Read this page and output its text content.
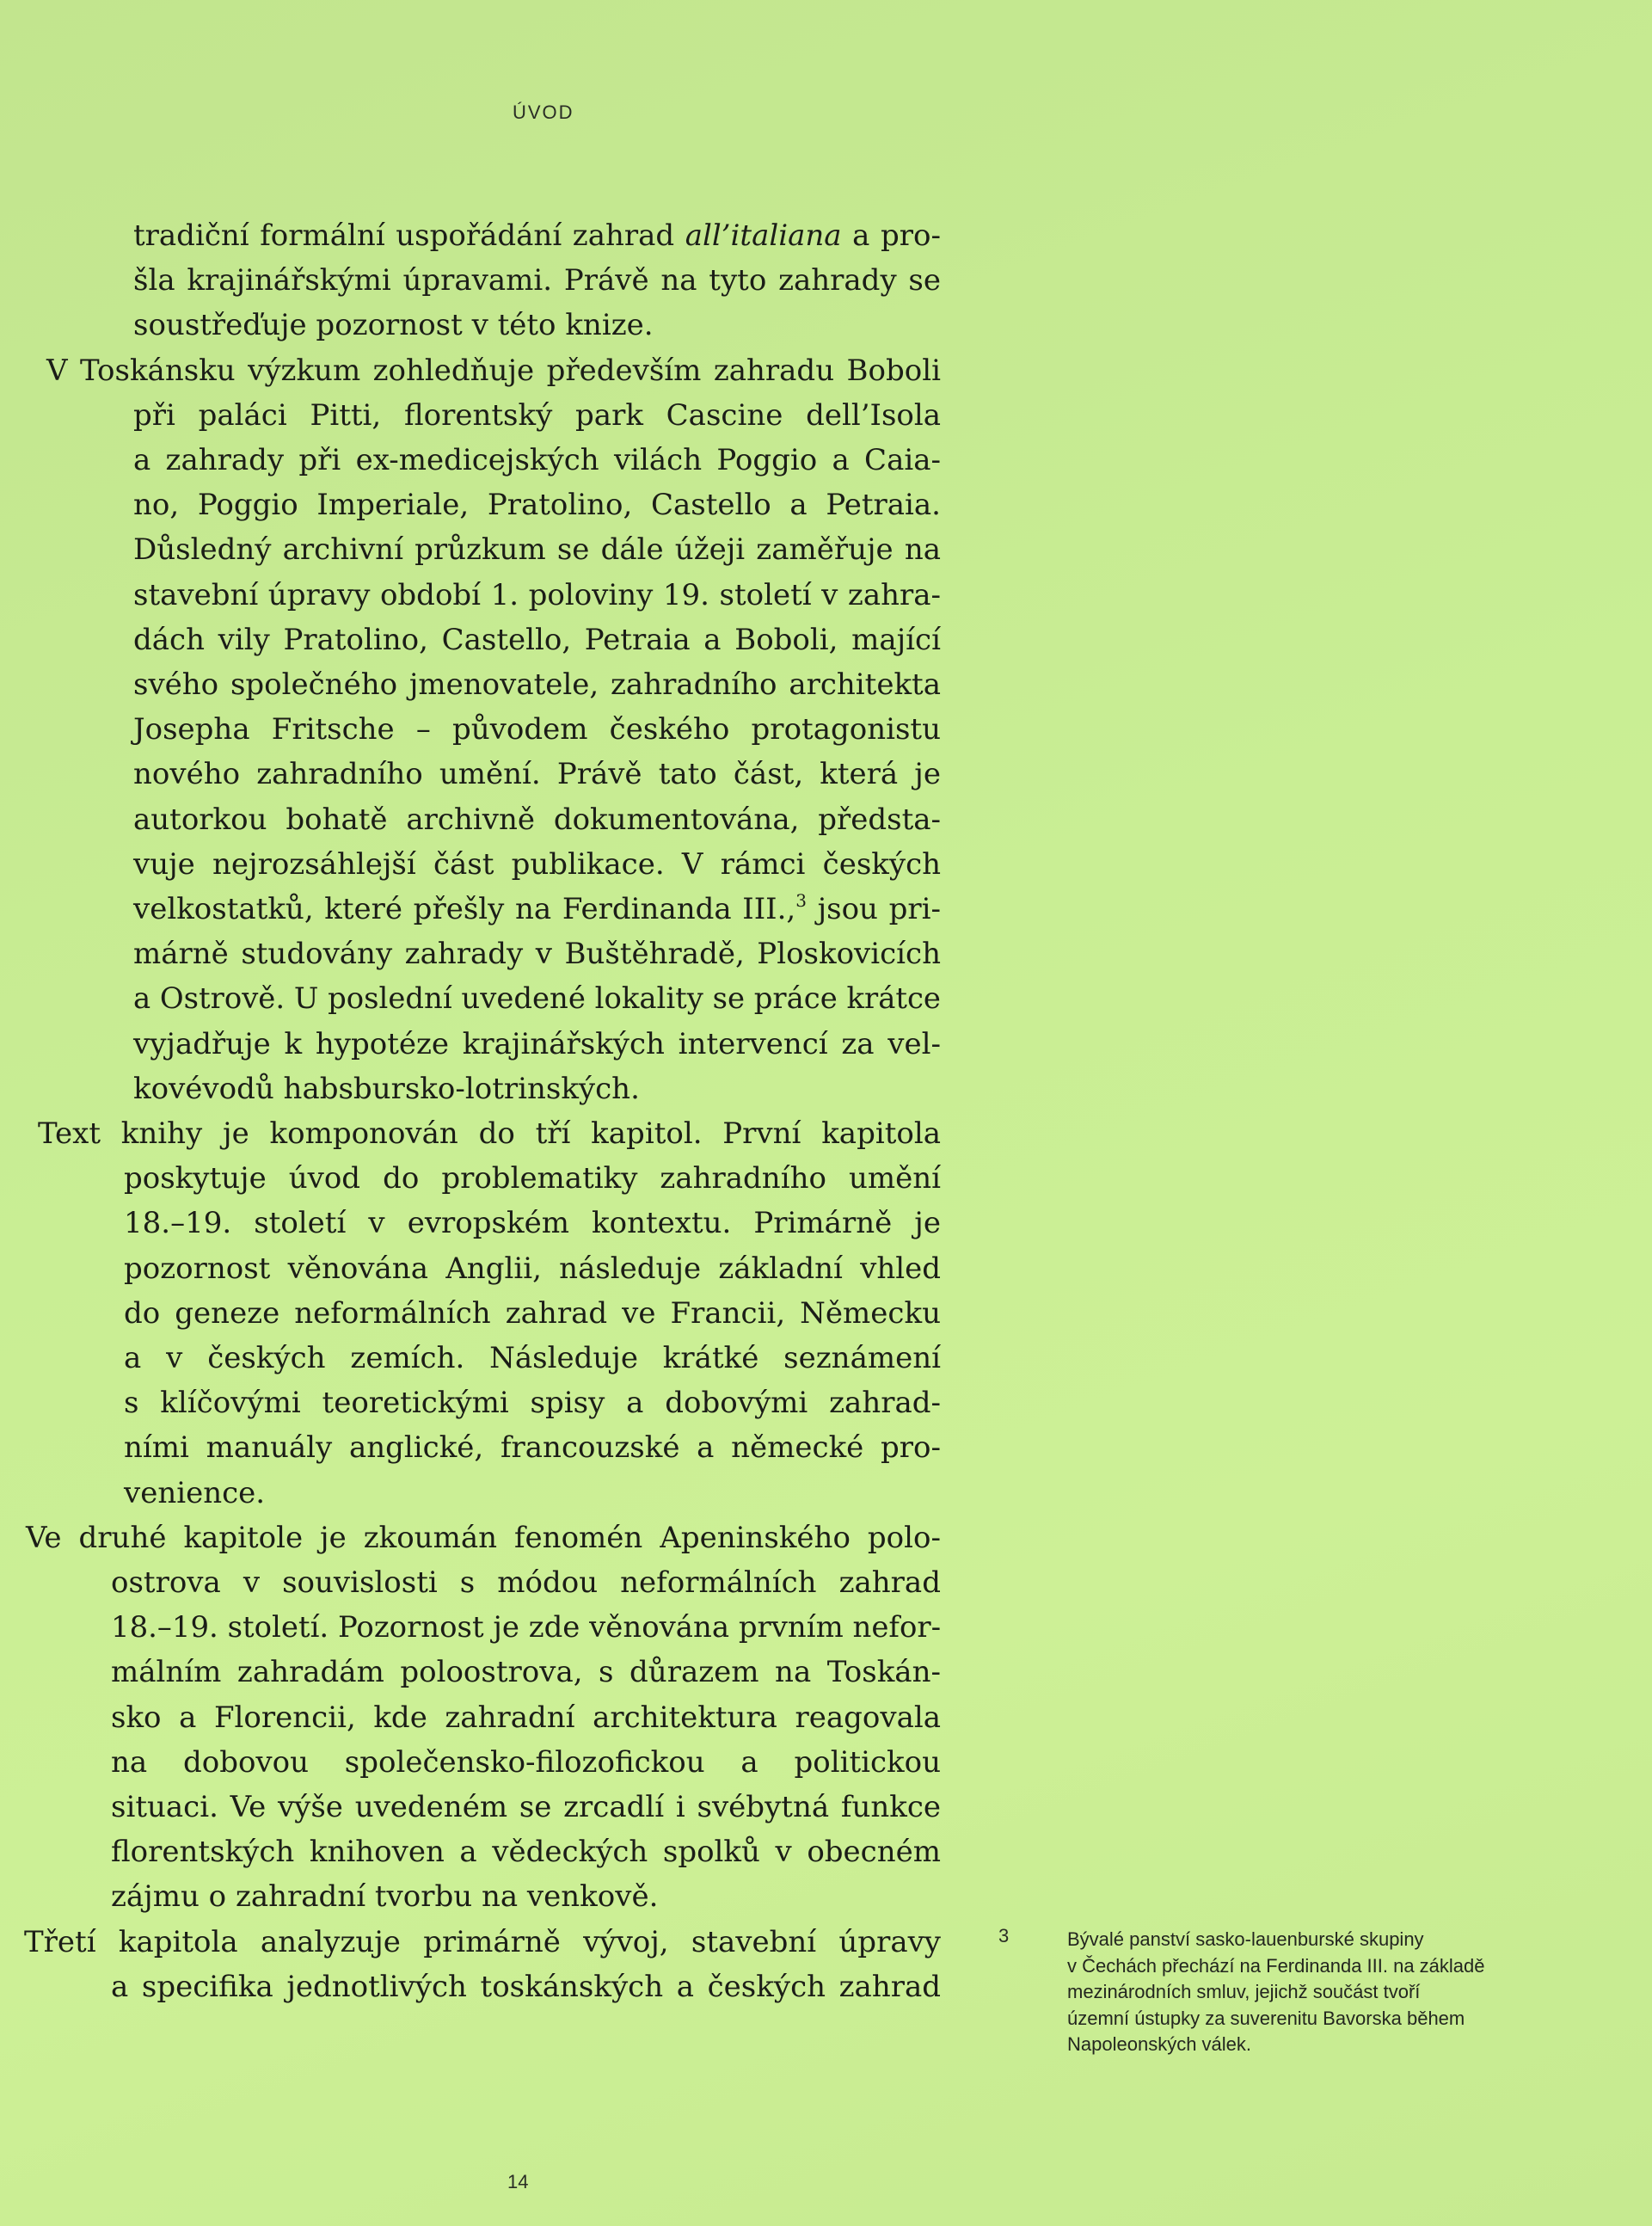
ÚVOD
tradiční formální uspořádání zahrad all’italiana a pro-
šla krajinářskými úpravami. Právě na tyto zahrady se
soustřeďuje pozornost v této knize.
V Toskánsku výzkum zohledňuje především zahradu Boboli
při paláci Pitti, florentský park Cascine dell’Isola
a zahrady při ex-medicejských vilách Poggio a Caia-
no, Poggio Imperiale, Pratolino, Castello a Petraia.
Důsledný archivní průzkum se dále úžeji zaměřuje na
stavební úpravy období 1. poloviny 19. století v zahra-
dách vily Pratolino, Castello, Petraia a Boboli, mající
svého společného jmenovatele, zahradního architekta
Josepha Fritsche – původem českého protagonistu
nového zahradního umění. Právě tato část, která je
autorkou bohatě archivně dokumentována, předsta-
vuje nejrozsáhlejší část publikace. V rámci českých
velkostatků, které přešly na Ferdinanda III.,$^3$ jsou pri-
márně studovány zahrady v Buštěhradě, Ploskovicích
a Ostrově. U poslední uvedené lokality se práce krátce
vyjadřuje k hypotéze krajinářských intervencí za vel-
kovévodů habsbursko-lotrinských.
Text knihy je komponován do tří kapitol. První kapitola
poskytuje úvod do problematiky zahradního umění
18.–19. století v evropském kontextu. Primárně je
pozornost věnována Anglii, následuje základní vhled
do geneze neformálních zahrad ve Francii, Německu
a v českých zemích. Následuje krátké seznámení
s klíčovými teoretickými spisy a dobovými zahrad-
ními manuály anglické, francouzské a německé pro-
venience.
Ve druhé kapitole je zkoumán fenomén Apeninského polo-
ostrova v souvislosti s módou neformálních zahrad
18.–19. století. Pozornost je zde věnována prvním nefor-
málním zahradám poloostrova, s důrazem na Toskán-
sko a Florencii, kde zahradní architektura reagovala
na dobovou společensko-filozofickou a politickou
situaci. Ve výše uvedeném se zrcadlí i svébytná funkce
florentských knihoven a vědeckých spolků v obecném
zájmu o zahradní tvorbu na venkově.
Třetí kapitola analyzuje primárně vývoj, stavební úpravy
a specifika jednotlivých toskánských a českých zahrad
3	Bývalé panství sasko-lauenburské skupiny
v Čechách přechází na Ferdinanda III. na základě
mezinárodních smluv, jejichž součást tvoří
územní ústupky za suverenitu Bavorska během
Napoleonských válek.
14
